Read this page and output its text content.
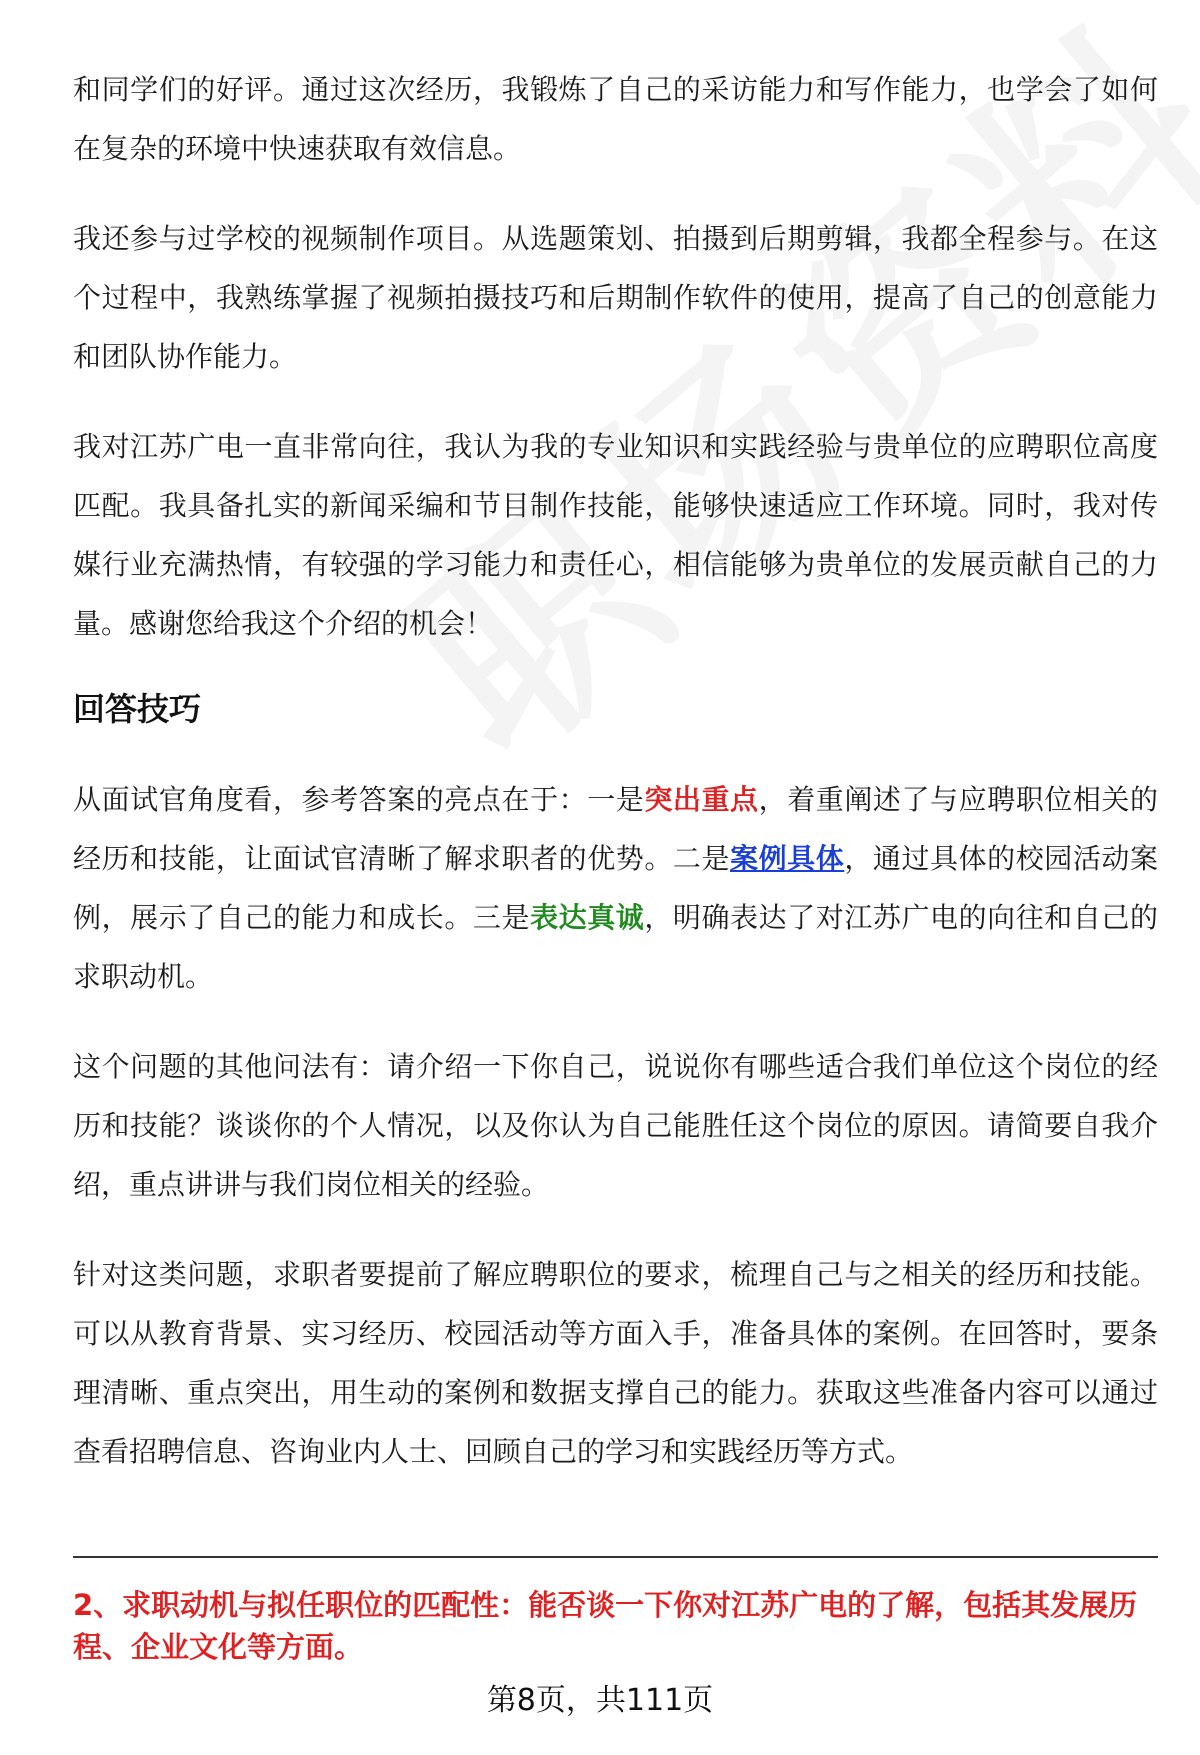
和同学们的好评。通过这次经历，我锻炼了自己的采访能力和写作能力，也学会了如何在复杂的环境中快速获取有效信息。

我还参与过学校的视频制作项目。从选题策划、拍摄到后期剪辑，我都全程参与。在这个过程中，我熟练掌握了视频拍摄技巧和后期制作软件的使用，提高了自己的创意能力和团队协作能力。

我对江苏广电一直非常向往，我认为我的专业知识和实践经验与贵单位的应聘职位高度匹配。我具备扎实的新闻采编和节目制作技能，能够快速适应工作环境。同时，我对传媒行业充满热情，有较强的学习能力和责任心，相信能够为贵单位的发展贡献自己的力量。感谢您给我这个介绍的机会！

回答技巧

从面试官角度看，参考答案的亮点在于：一是突出重点，着重阐述了与应聘职位相关的经历和技能，让面试官清晰了解求职者的优势。二是案例具体，通过具体的校园活动案例，展示了自己的能力和成长。三是表达真诚，明确表达了对江苏广电的向往和自己的求职动机。

这个问题的其他问法有：请介绍一下你自己，说说你有哪些适合我们单位这个岗位的经历和技能？谈谈你的个人情况，以及你认为自己能胜任这个岗位的原因。请简要自我介绍，重点讲讲与我们岗位相关的经验。

针对这类问题，求职者要提前了解应聘职位的要求，梳理自己与之相关的经历和技能。可以从教育背景、实习经历、校园活动等方面入手，准备具体的案例。在回答时，要条理清晰、重点突出，用生动的案例和数据支撑自己的能力。获取这些准备内容可以通过查看招聘信息、咨询业内人士、回顾自己的学习和实践经历等方式。

2、求职动机与拟任职位的匹配性：能否谈一下你对江苏广电的了解，包括其发展历程、企业文化等方面。
第8页，共111页
